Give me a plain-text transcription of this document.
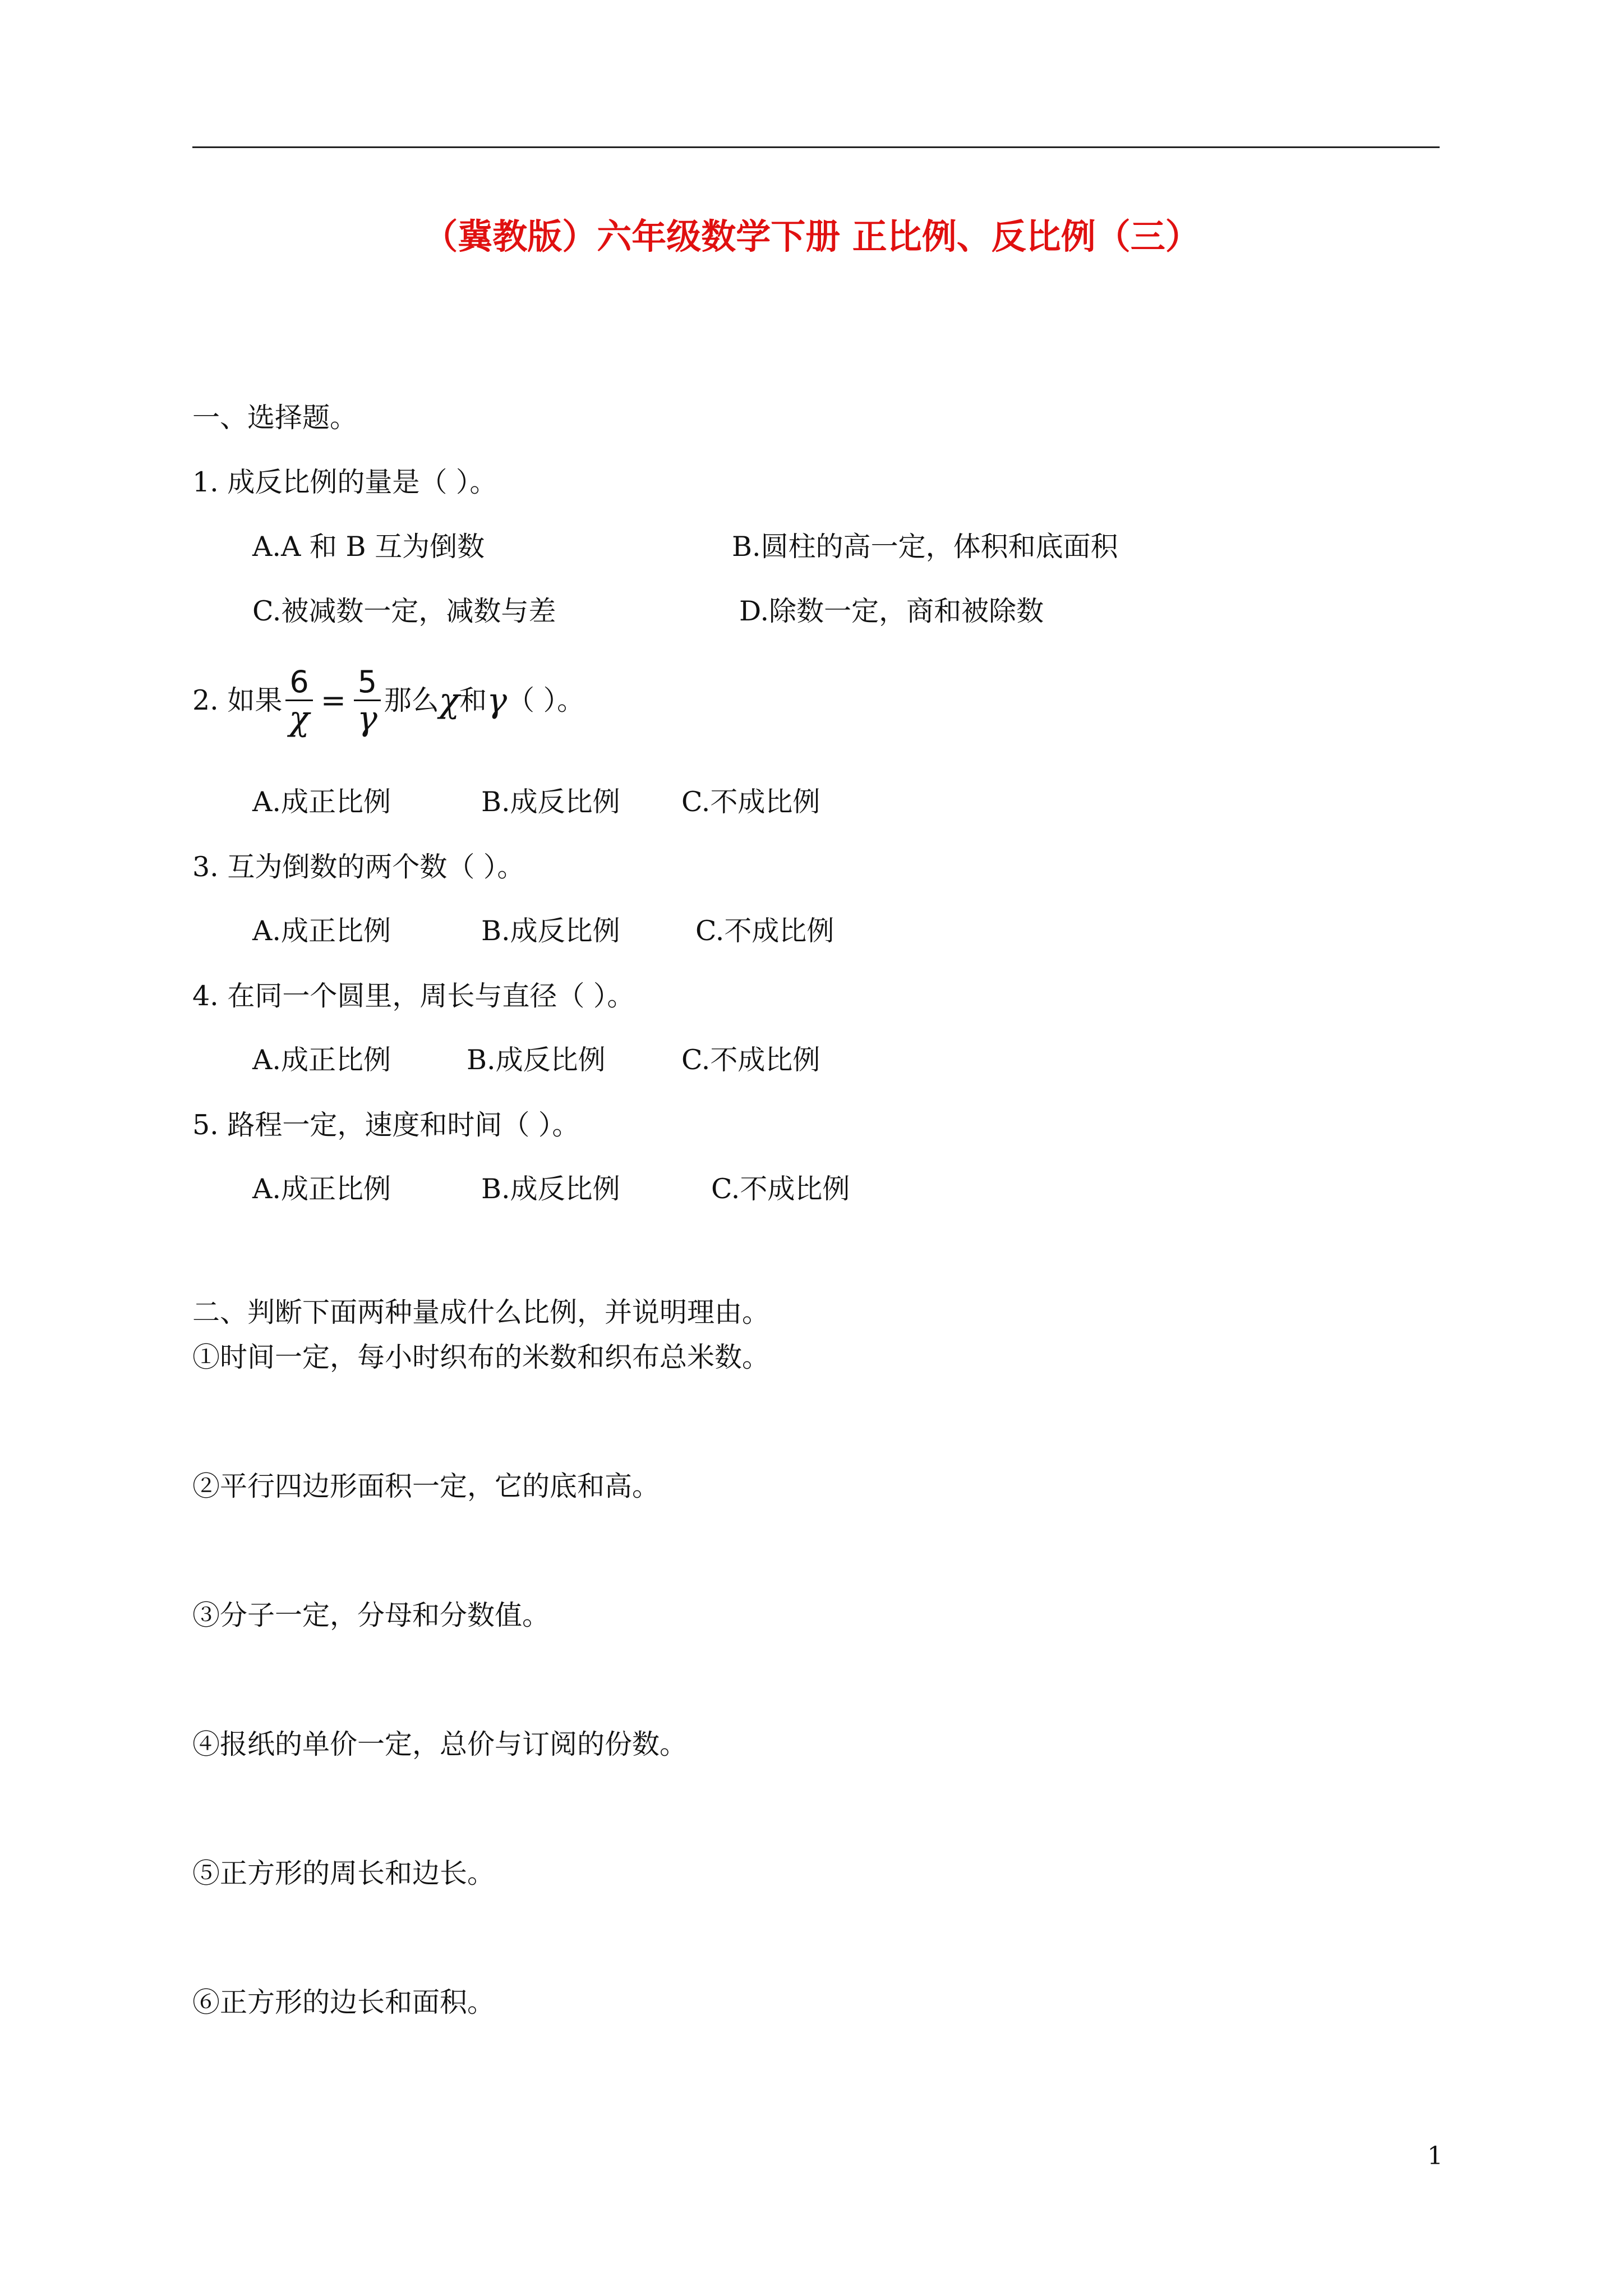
（冀教版）六年级数学下册 正比例、反比例（三）
一、选择题。
1. 成反比例的量是（ ）。
A.A 和 B 互为倒数	B.圆柱的高一定，体积和底面积
C.被减数一定，减数与差	D.除数一定，商和被除数
2. 如果 $\frac{6}{\chi} = \frac{5}{\gamma}$ 那么 χ 和 γ （ ）。
A.成正比例	B.成反比例 C.不成比例
3. 互为倒数的两个数（ ）。
A.成正比例	B.成反比例	C.不成比例
4. 在同一个圆里，周长与直径（ ）。
A.成正比例	B.成反比例	C.不成比例
5. 路程一定，速度和时间（ ）。
A.成正比例	B.成反比例	C.不成比例
二、判断下面两种量成什么比例，并说明理由。
①时间一定，每小时织布的米数和织布总米数。
②平行四边形面积一定，它的底和高。
③分子一定，分母和分数值。
④报纸的单价一定，总价与订阅的份数。
⑤正方形的周长和边长。
⑥正方形的边长和面积。
1
